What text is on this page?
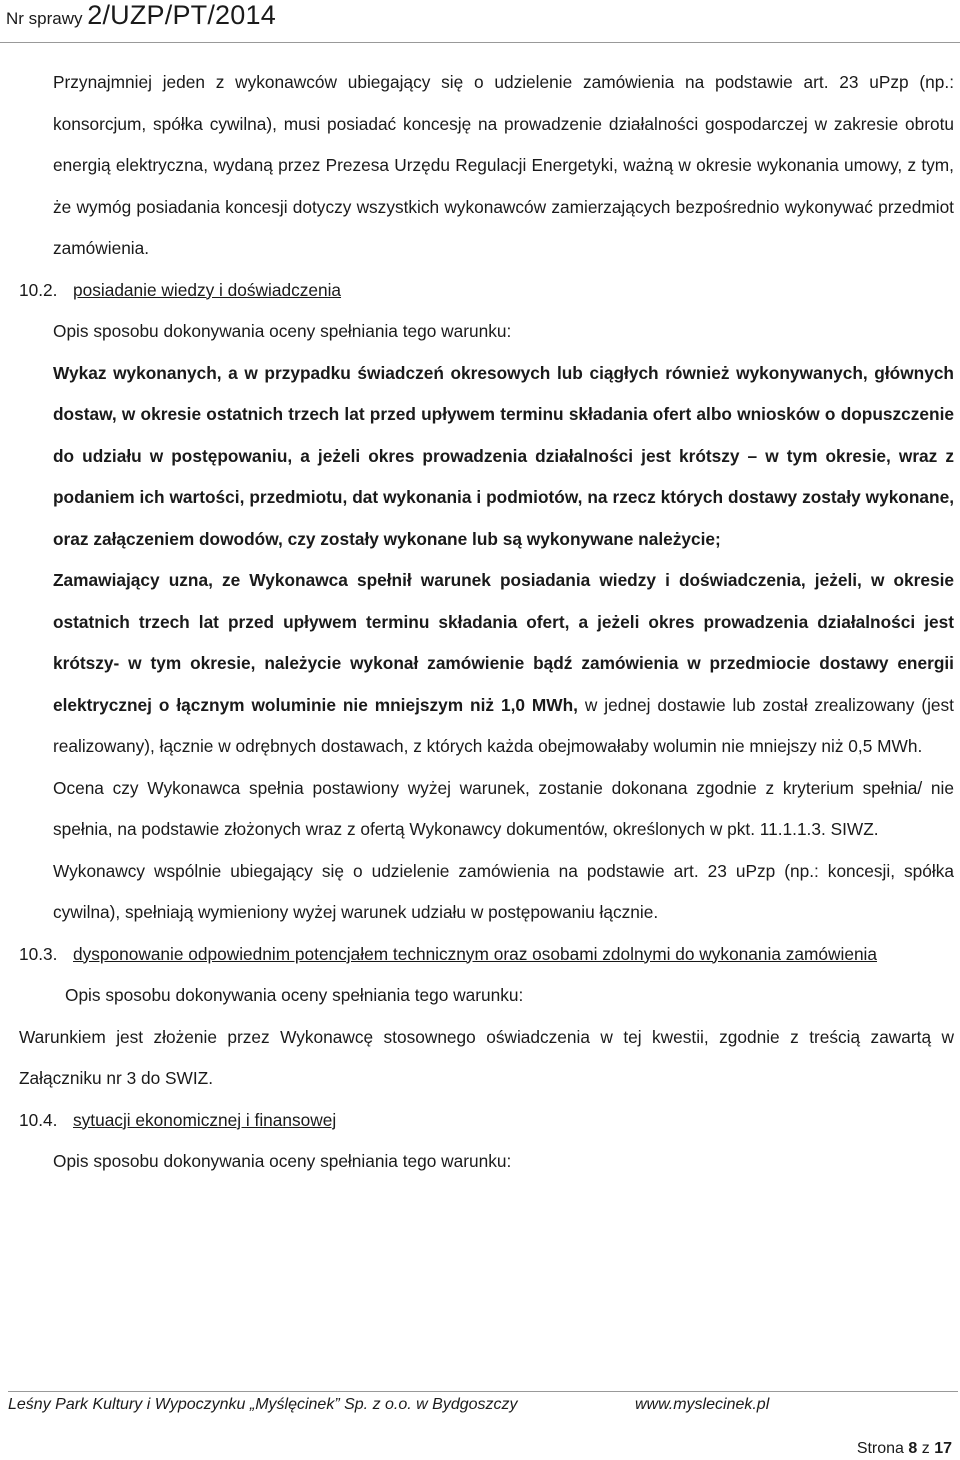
Nr sprawy 2/UZP/PT/2014

Przynajmniej jeden z wykonawców ubiegający się o udzielenie zamówienia na podstawie art. 23 uPzp (np.: konsorcjum, spółka cywilna), musi posiadać koncesję na prowadzenie działalności gospodarczej w zakresie obrotu energią elektryczna, wydaną przez Prezesa Urzędu Regulacji Energetyki, ważną w okresie wykonania umowy, z tym, że wymóg posiadania koncesji dotyczy wszystkich wykonawców zamierzających bezpośrednio wykonywać przedmiot zamówienia.

10.2. posiadanie wiedzy i doświadczenia

Opis sposobu dokonywania oceny spełniania tego warunku:

Wykaz wykonanych, a w przypadku świadczeń okresowych lub ciągłych również wykonywanych, głównych dostaw, w okresie ostatnich trzech lat przed upływem terminu składania ofert albo wniosków o dopuszczenie do udziału w postępowaniu, a jeżeli okres prowadzenia działalności jest krótszy – w tym okresie, wraz z podaniem ich wartości, przedmiotu, dat wykonania i podmiotów, na rzecz których dostawy zostały wykonane, oraz załączeniem dowodów, czy zostały wykonane lub są wykonywane należycie;

Zamawiający uzna, ze Wykonawca spełnił warunek posiadania wiedzy i doświadczenia, jeżeli, w okresie ostatnich trzech lat przed upływem terminu składania ofert, a jeżeli okres prowadzenia działalności jest krótszy- w tym okresie, należycie wykonał zamówienie bądź zamówienia w przedmiocie dostawy energii elektrycznej o łącznym woluminie nie mniejszym niż 1,0 MWh, w jednej dostawie lub został zrealizowany (jest realizowany), łącznie w odrębnych dostawach, z których każda obejmowałaby wolumin nie mniejszy niż 0,5 MWh.

Ocena czy Wykonawca spełnia postawiony wyżej warunek, zostanie dokonana zgodnie z kryterium spełnia/ nie spełnia, na podstawie złożonych wraz z ofertą Wykonawcy dokumentów, określonych w pkt. 11.1.1.3. SIWZ.

Wykonawcy wspólnie ubiegający się o udzielenie zamówienia na podstawie art. 23 uPzp (np.: koncesji, spółka cywilna), spełniają wymieniony wyżej warunek udziału w postępowaniu łącznie.

10.3. dysponowanie odpowiednim potencjałem technicznym oraz osobami zdolnymi do wykonania zamówienia

Opis sposobu dokonywania oceny spełniania tego warunku:

Warunkiem jest złożenie przez Wykonawcę stosownego oświadczenia w tej kwestii, zgodnie z treścią zawartą w Załączniku nr 3 do SWIZ.

10.4. sytuacji ekonomicznej i finansowej

Opis sposobu dokonywania oceny spełniania tego warunku:

Leśny Park Kultury i Wypoczynku „Myślęcinek” Sp. z o.o. w Bydgoszczy	www.myslecinek.pl
Strona 8 z 17
